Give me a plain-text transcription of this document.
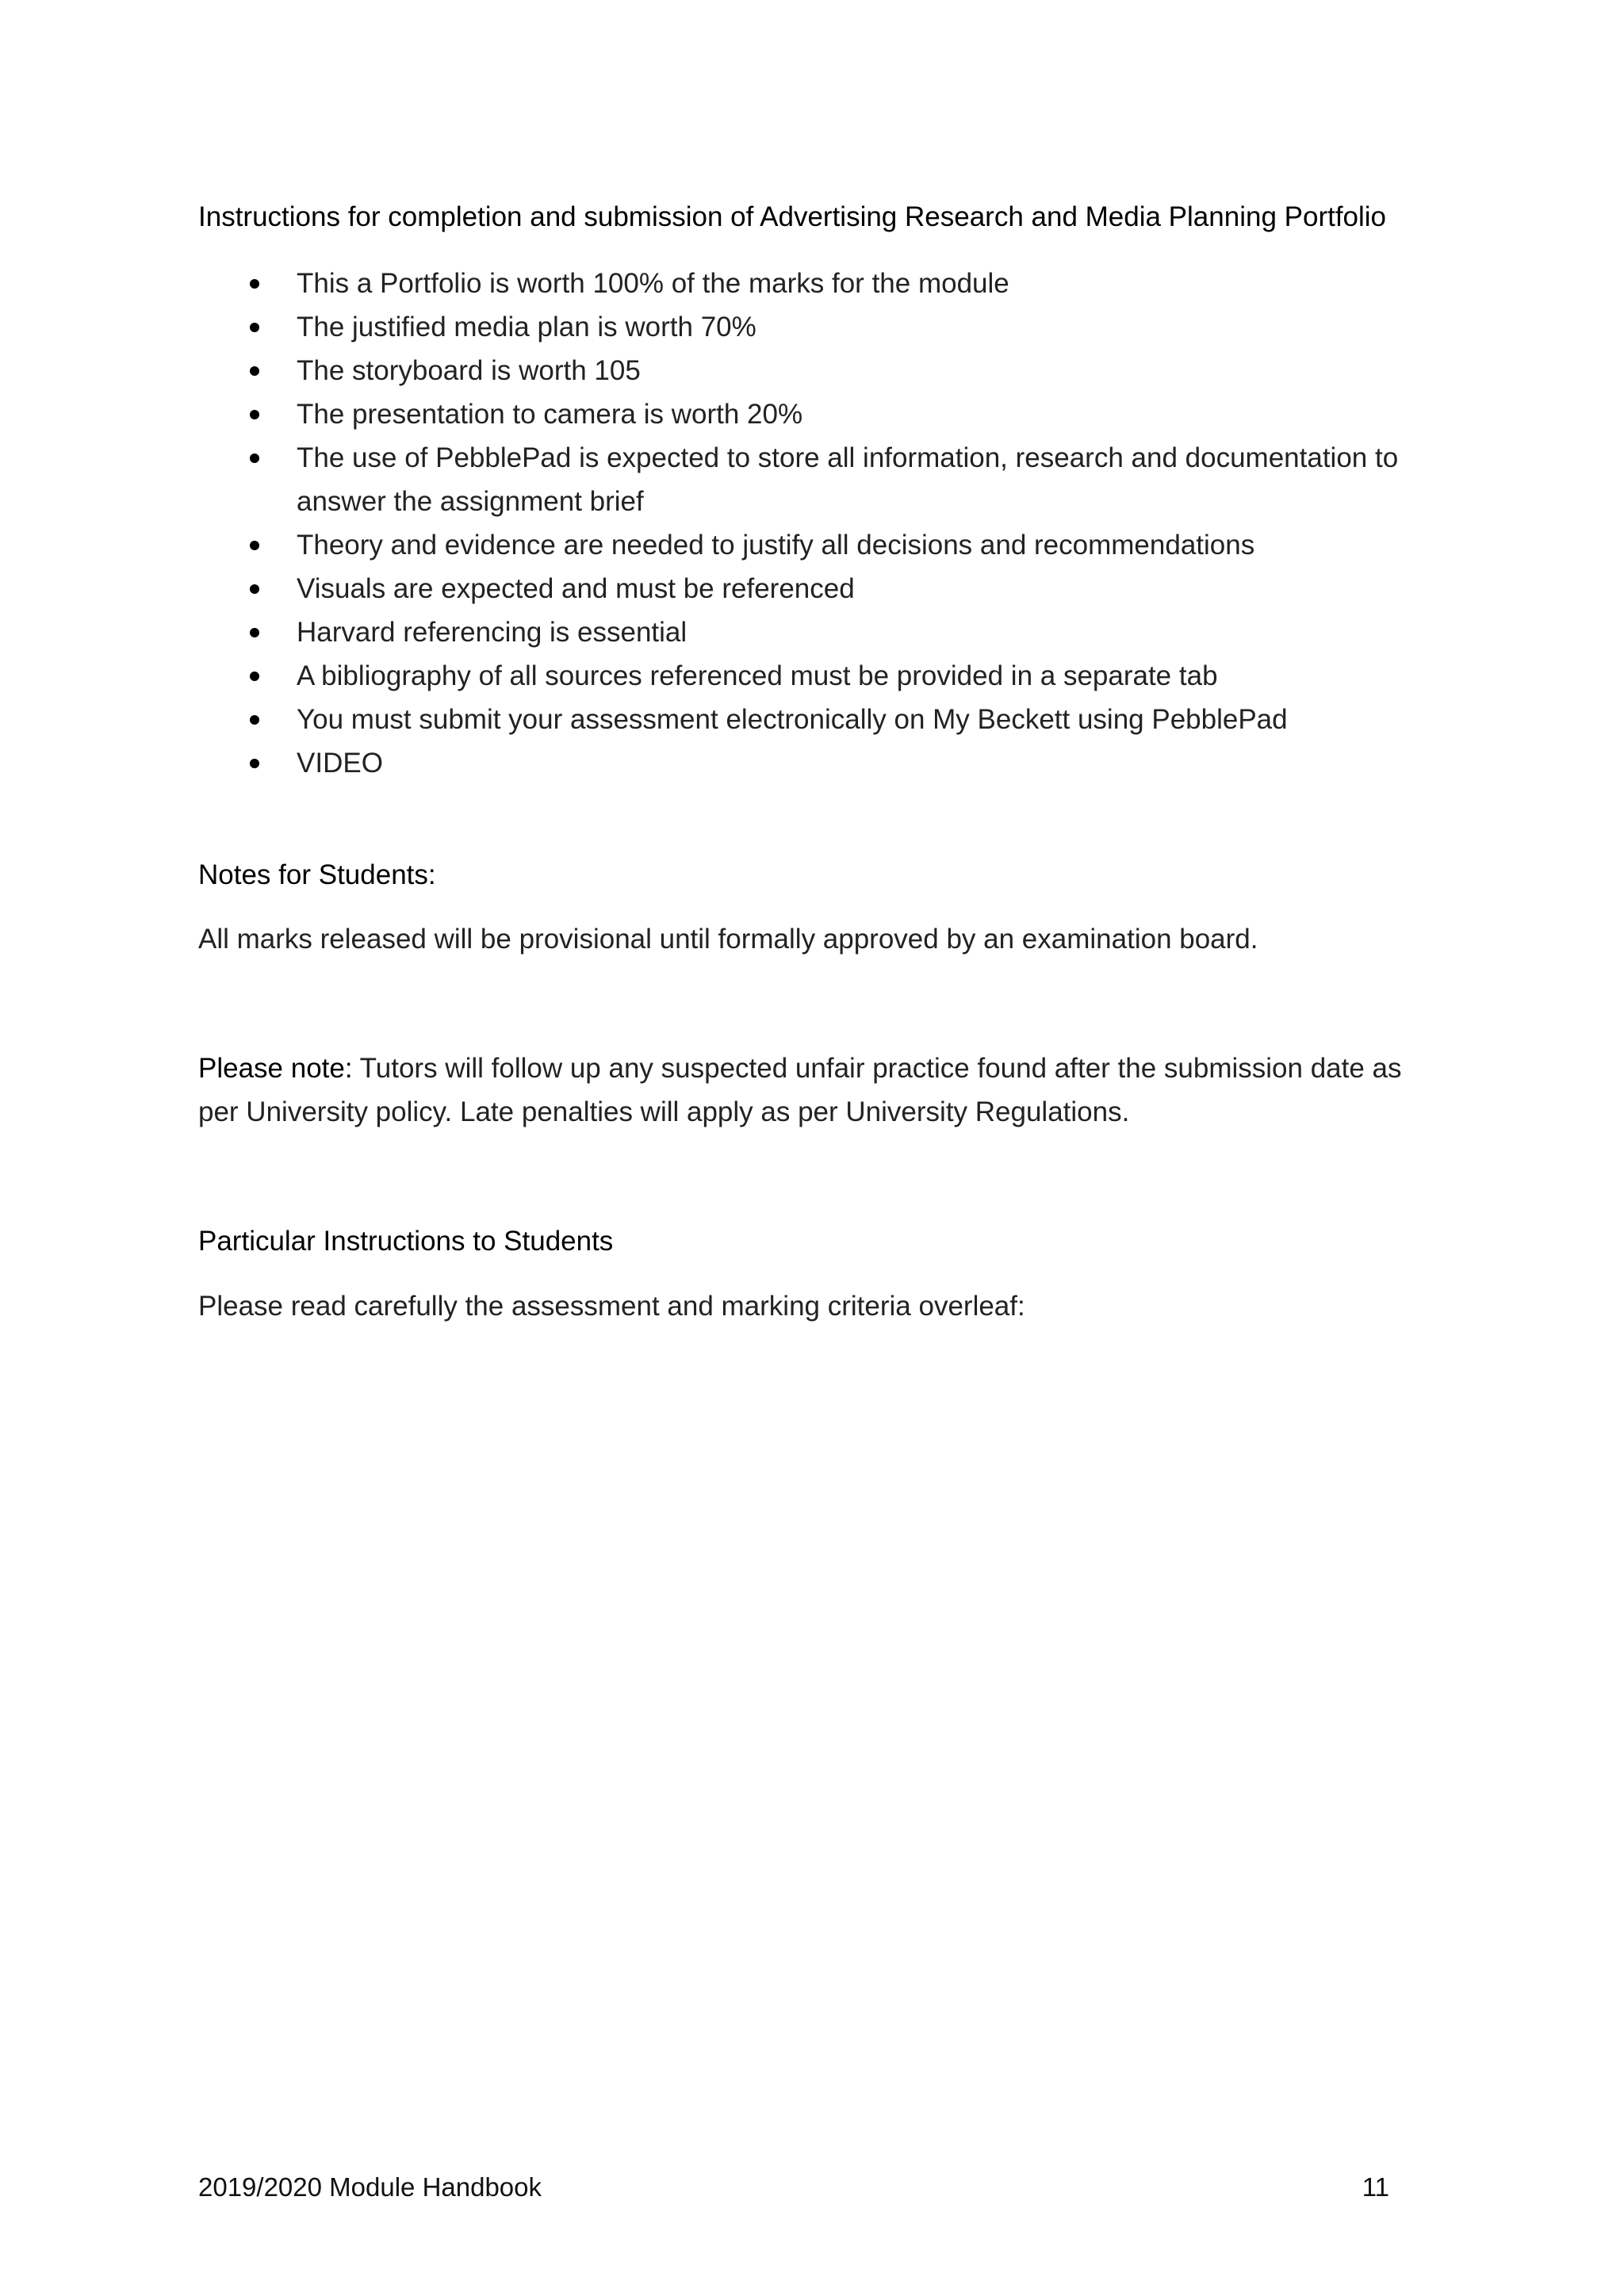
Instructions for completion and submission of Advertising Research and Media Planning Portfolio
This a Portfolio is worth 100% of the marks for the module
The justified media plan is worth 70%
The storyboard is worth 105
The presentation to camera is worth 20%
The use of PebblePad is expected to store all information, research and documentation to answer the assignment brief
Theory and evidence are needed to justify all decisions and recommendations
Visuals are expected and must be referenced
Harvard referencing is essential
A bibliography of all sources referenced must be provided in a separate tab
You must submit your assessment electronically on My Beckett using PebblePad
VIDEO
Notes for Students:
All marks released will be provisional until formally approved by an examination board.
Please note: Tutors will follow up any suspected unfair practice found after the submission date as per University policy. Late penalties will apply as per University Regulations.
Particular Instructions to Students
Please read carefully the assessment and marking criteria overleaf:
2019/2020 Module Handbook	11
